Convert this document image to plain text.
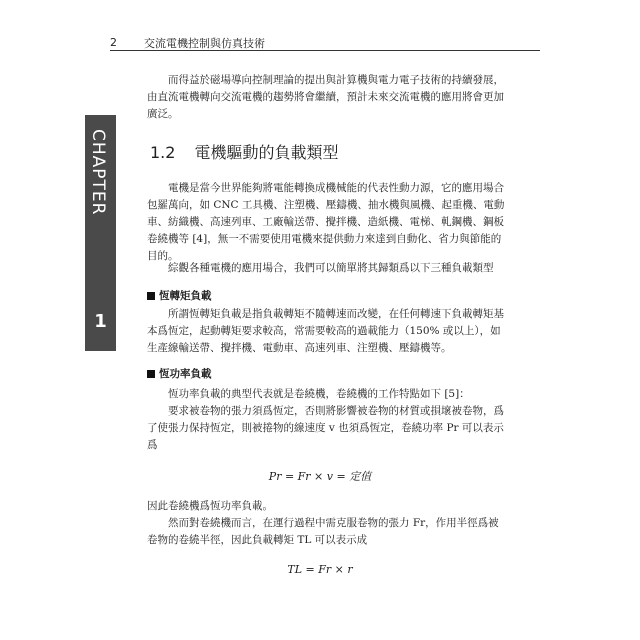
2 交流電機控制與仿真技術
CHAPTER
1

而得益於磁場導向控制理論的提出與計算機與電力電子技術的持續發展，由直流電機轉向交流電機的趨勢將會繼續，預計未來交流電機的應用將會更加廣泛。

1.2 電機驅動的負載類型

電機是當今世界能夠將電能轉換成機械能的代表性動力源，它的應用場合包羅萬向，如 CNC 工具機、注塑機、壓鑄機、抽水機與風機、起重機、電動車、紡織機、高速列車、工廠輸送帶、攪拌機、造紙機、電梯、軋鋼機、鋼板卷繞機等 [4]，無一不需要使用電機來提供動力來達到自動化、省力與節能的目的。

綜觀各種電機的應用場合，我們可以簡單將其歸類爲以下三種負載類型

恆轉矩負載

所謂恆轉矩負載是指負載轉矩不隨轉速而改變，在任何轉速下負載轉矩基本爲恆定，起動轉矩要求較高，常需要較高的過載能力（150% 或以上），如生產線輸送帶、攪拌機、電動車、高速列車、注塑機、壓鑄機等。

恆功率負載

恆功率負載的典型代表就是卷繞機，卷繞機的工作特點如下 [5]：

要求被卷物的張力須爲恆定，否則將影響被卷物的材質或損壞被卷物，爲了使張力保持恆定，則被捲物的線速度 v 也須爲恆定，卷繞功率 Pr 可以表示爲

Pr = Fr × v = 定值

因此卷繞機爲恆功率負載。

然而對卷繞機而言，在運行過程中需克服卷物的張力 Fr，作用半徑爲被卷物的卷繞半徑，因此負載轉矩 TL 可以表示成

TL = Fr × r
